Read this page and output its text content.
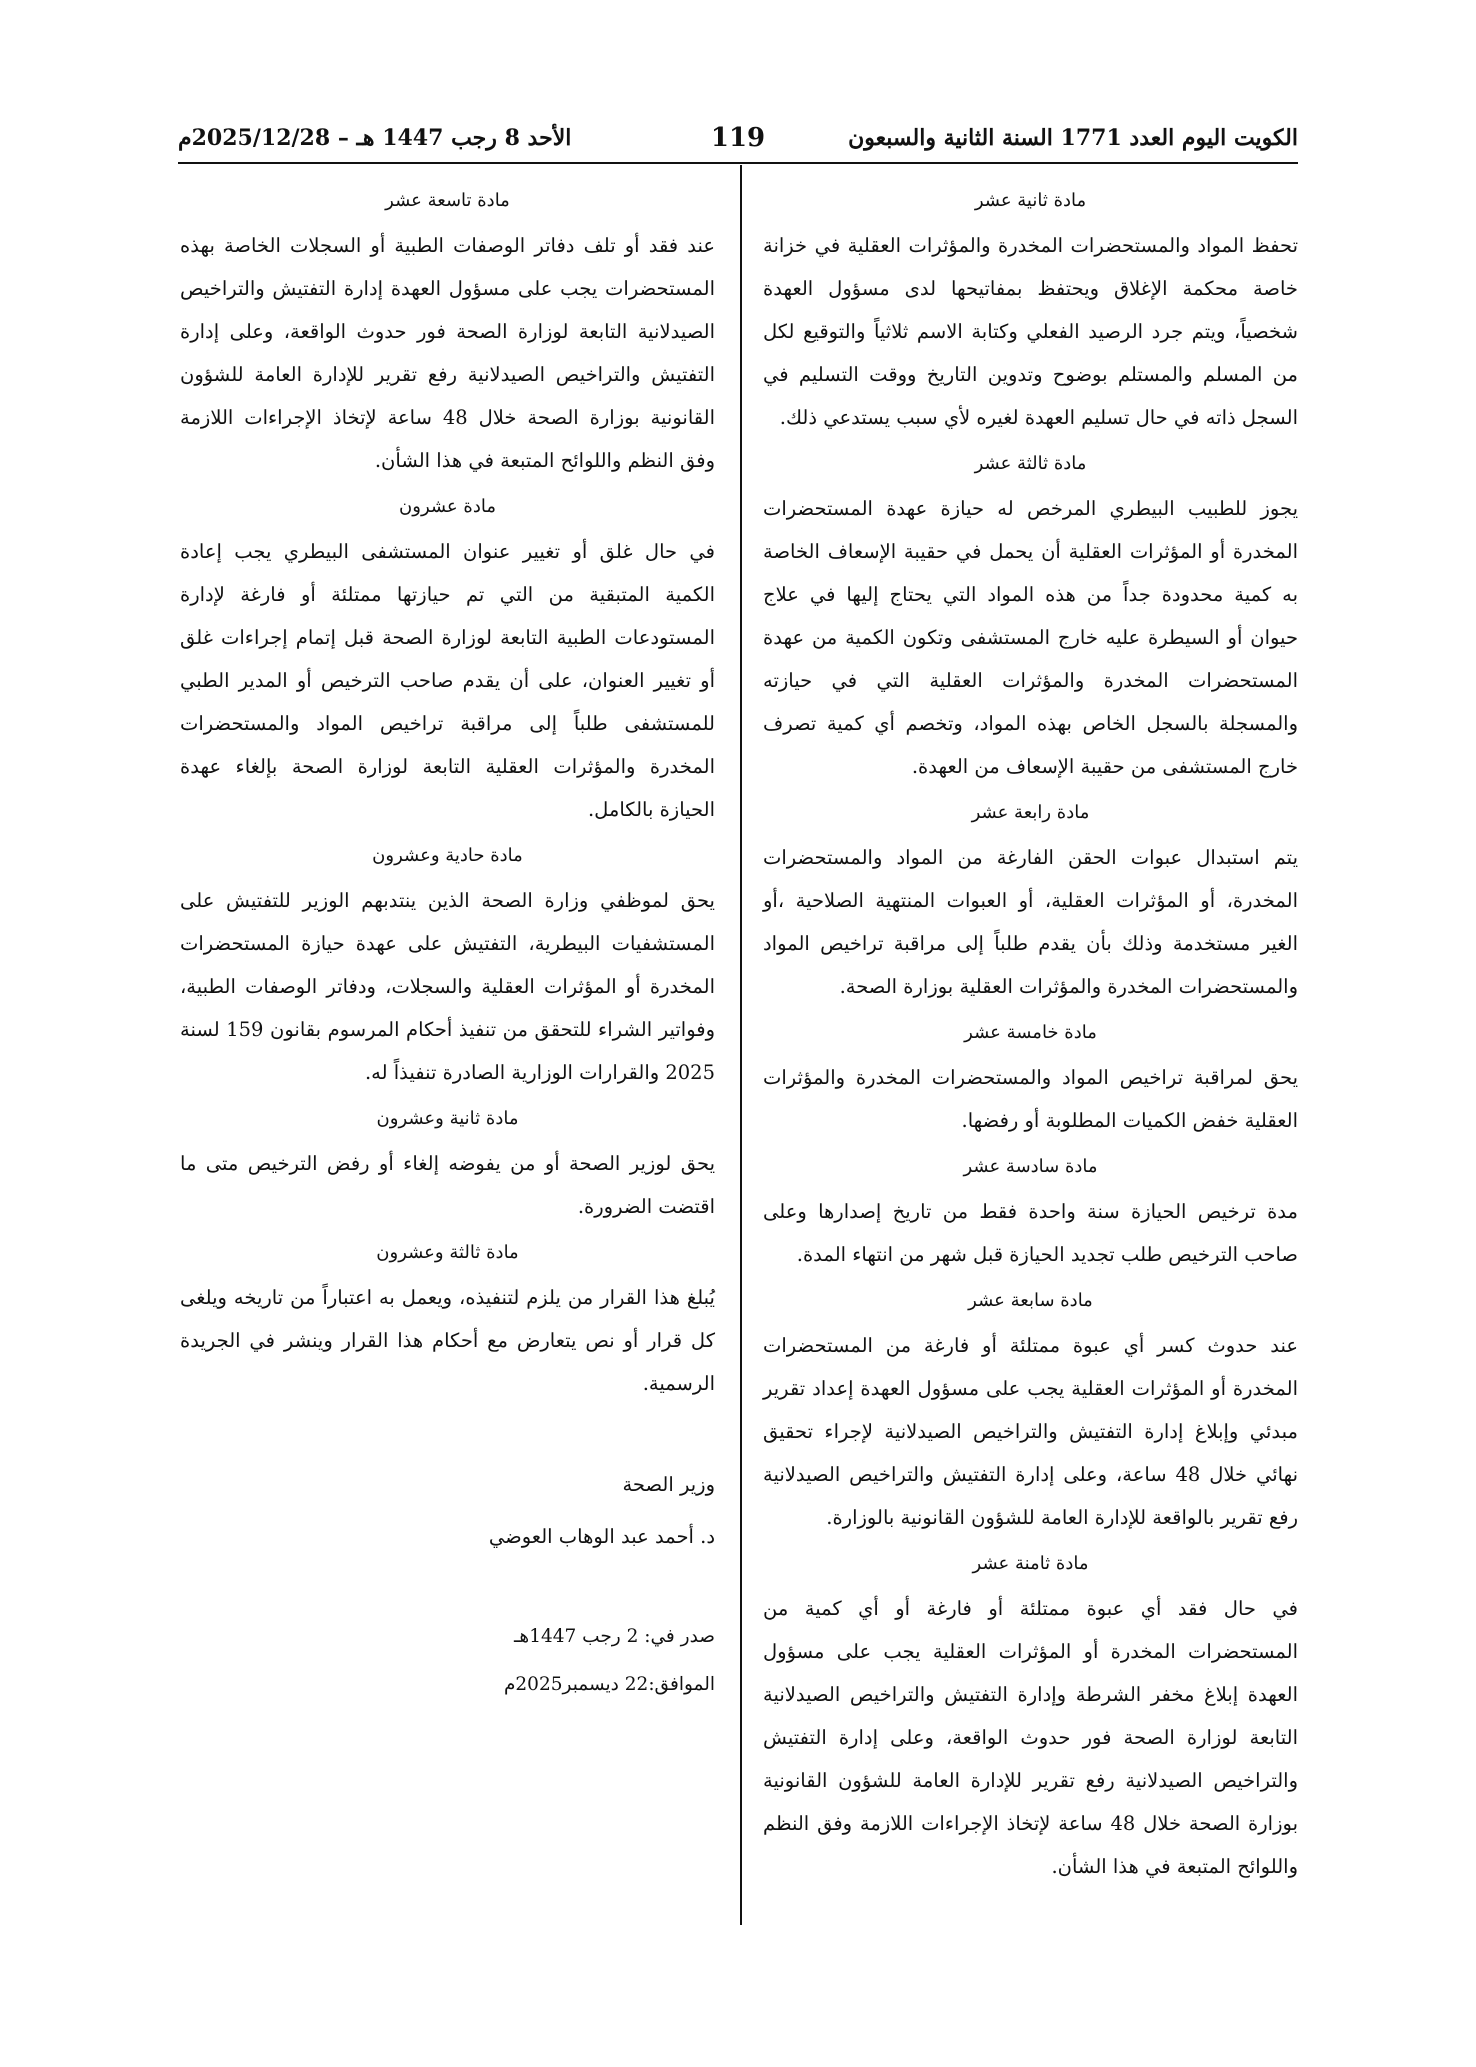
الكويت اليوم العدد 1771 السنة الثانية والسبعون
119
الأحد 8 رجب 1447 هـ – 2025/12/28م
مادة ثانية عشر

تحفظ المواد والمستحضرات المخدرة والمؤثرات العقلية في خزانة خاصة محكمة الإغلاق ويحتفظ بمفاتيحها لدى مسؤول العهدة شخصياً، ويتم جرد الرصيد الفعلي وكتابة الاسم ثلاثياً والتوقيع لكل من المسلم والمستلم بوضوح وتدوين التاريخ ووقت التسليم في السجل ذاته في حال تسليم العهدة لغيره لأي سبب يستدعي ذلك.

مادة ثالثة عشر

يجوز للطبيب البيطري المرخص له حيازة عهدة المستحضرات المخدرة أو المؤثرات العقلية أن يحمل في حقيبة الإسعاف الخاصة به كمية محدودة جداً من هذه المواد التي يحتاج إليها في علاج حيوان أو السيطرة عليه خارج المستشفى وتكون الكمية من عهدة المستحضرات المخدرة والمؤثرات العقلية التي في حيازته والمسجلة بالسجل الخاص بهذه المواد، وتخصم أي كمية تصرف خارج المستشفى من حقيبة الإسعاف من العهدة.

مادة رابعة عشر

يتم استبدال عبوات الحقن الفارغة من المواد والمستحضرات المخدرة، أو المؤثرات العقلية، أو العبوات المنتهية الصلاحية ،أو الغير مستخدمة وذلك بأن يقدم طلباً إلى مراقبة تراخيص المواد والمستحضرات المخدرة والمؤثرات العقلية بوزارة الصحة.

مادة خامسة عشر

يحق لمراقبة تراخيص المواد والمستحضرات المخدرة والمؤثرات العقلية خفض الكميات المطلوبة أو رفضها.

مادة سادسة عشر

مدة ترخيص الحيازة سنة واحدة فقط من تاريخ إصدارها وعلى صاحب الترخيص طلب تجديد الحيازة قبل شهر من انتهاء المدة.

مادة سابعة عشر

عند حدوث كسر أي عبوة ممتلئة أو فارغة من المستحضرات المخدرة أو المؤثرات العقلية يجب على مسؤول العهدة إعداد تقرير مبدئي وإبلاغ إدارة التفتيش والتراخيص الصيدلانية لإجراء تحقيق نهائي خلال 48 ساعة، وعلى إدارة التفتيش والتراخيص الصيدلانية رفع تقرير بالواقعة للإدارة العامة للشؤون القانونية بالوزارة.

مادة ثامنة عشر

في حال فقد أي عبوة ممتلئة أو فارغة أو أي كمية من المستحضرات المخدرة أو المؤثرات العقلية يجب على مسؤول العهدة إبلاغ مخفر الشرطة وإدارة التفتيش والتراخيص الصيدلانية التابعة لوزارة الصحة فور حدوث الواقعة، وعلى إدارة التفتيش والتراخيص الصيدلانية رفع تقرير للإدارة العامة للشؤون القانونية بوزارة الصحة خلال 48 ساعة لإتخاذ الإجراءات اللازمة وفق النظم واللوائح المتبعة في هذا الشأن.

مادة تاسعة عشر

عند فقد أو تلف دفاتر الوصفات الطبية أو السجلات الخاصة بهذه المستحضرات يجب على مسؤول العهدة إدارة التفتيش والتراخيص الصيدلانية التابعة لوزارة الصحة فور حدوث الواقعة، وعلى إدارة التفتيش والتراخيص الصيدلانية رفع تقرير للإدارة العامة للشؤون القانونية بوزارة الصحة خلال 48 ساعة لإتخاذ الإجراءات اللازمة وفق النظم واللوائح المتبعة في هذا الشأن.

مادة عشرون

في حال غلق أو تغيير عنوان المستشفى البيطري يجب إعادة الكمية المتبقية من التي تم حيازتها ممتلئة أو فارغة لإدارة المستودعات الطبية التابعة لوزارة الصحة قبل إتمام إجراءات غلق أو تغيير العنوان، على أن يقدم صاحب الترخيص أو المدير الطبي للمستشفى طلباً إلى مراقبة تراخيص المواد والمستحضرات المخدرة والمؤثرات العقلية التابعة لوزارة الصحة بإلغاء عهدة الحيازة بالكامل.

مادة حادية وعشرون

يحق لموظفي وزارة الصحة الذين ينتدبهم الوزير للتفتيش على المستشفيات البيطرية، التفتيش على عهدة حيازة المستحضرات المخدرة أو المؤثرات العقلية والسجلات، ودفاتر الوصفات الطبية، وفواتير الشراء للتحقق من تنفيذ أحكام المرسوم بقانون 159 لسنة 2025 والقرارات الوزارية الصادرة تنفيذاً له.

مادة ثانية وعشرون

يحق لوزير الصحة أو من يفوضه إلغاء أو رفض الترخيص متى ما اقتضت الضرورة.

مادة ثالثة وعشرون

يُبلغ هذا القرار من يلزم لتنفيذه، ويعمل به اعتباراً من تاريخه ويلغى كل قرار أو نص يتعارض مع أحكام هذا القرار وينشر في الجريدة الرسمية.

وزير الصحة
د. أحمد عبد الوهاب العوضي
صدر في: 2 رجب 1447هـ
الموافق:22 ديسمبر2025م
